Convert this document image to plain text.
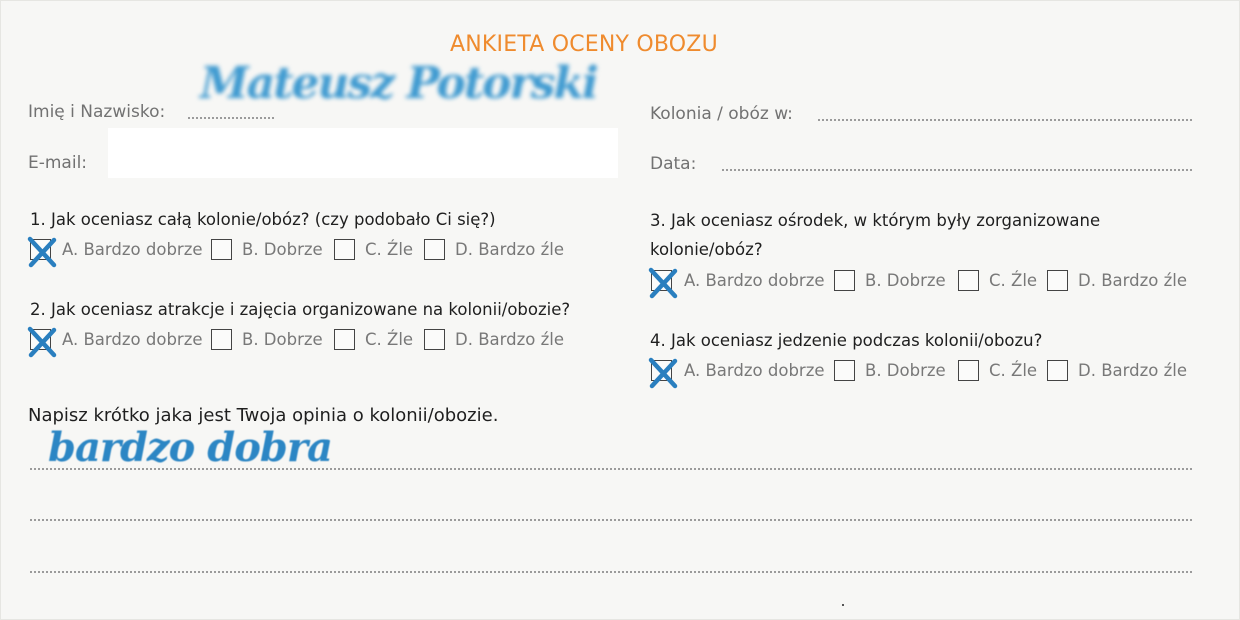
ANKIETA OCENY OBOZU
Imię i Nazwisko:
Mateusz Potorski
E-mail:
Kolonia / obóz w:
Data:
1. Jak oceniasz całą kolonie/obóz? (czy podobało Ci się?)
A. Bardzo dobrze B. Dobrze	C. Źle	D. Bardzo źle
2. Jak oceniasz atrakcje i zajęcia organizowane na kolonii/obozie?
A. Bardzo dobrze B. Dobrze	C. Źle	D. Bardzo źle
3. Jak oceniasz ośrodek, w którym były zorganizowane
kolonie/obóz?
A. Bardzo dobrze B. Dobrze	C. Źle D. Bardzo źle
4. Jak oceniasz jedzenie podczas kolonii/obozu?
A. Bardzo dobrze B. Dobrze	C. Źle D. Bardzo źle
Napisz krótko jaka jest Twoja opinia o kolonii/obozie.
bardzo dobra
